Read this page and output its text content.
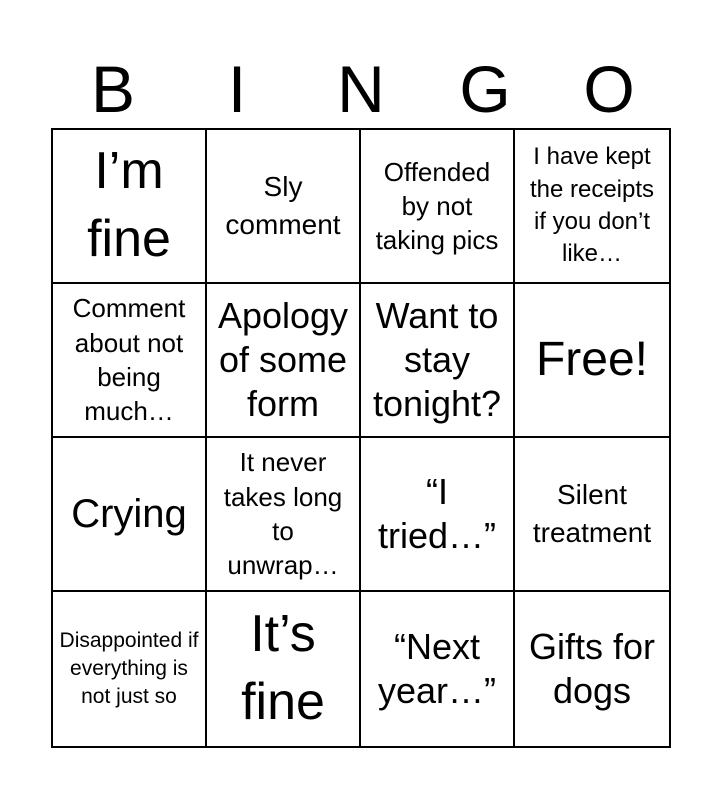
B	I	N	G	O
I’m fine
Sly comment
Offended by not taking pics
I have kept the receipts if you don’t like…
Comment about not being much…
Apology of some form
Want to stay tonight?
Free!
Crying
It never takes long to unwrap…
“I tried…”
Silent treatment
Disappointed if everything is not just so
It’s fine
“Next year…”
Gifts for dogs
